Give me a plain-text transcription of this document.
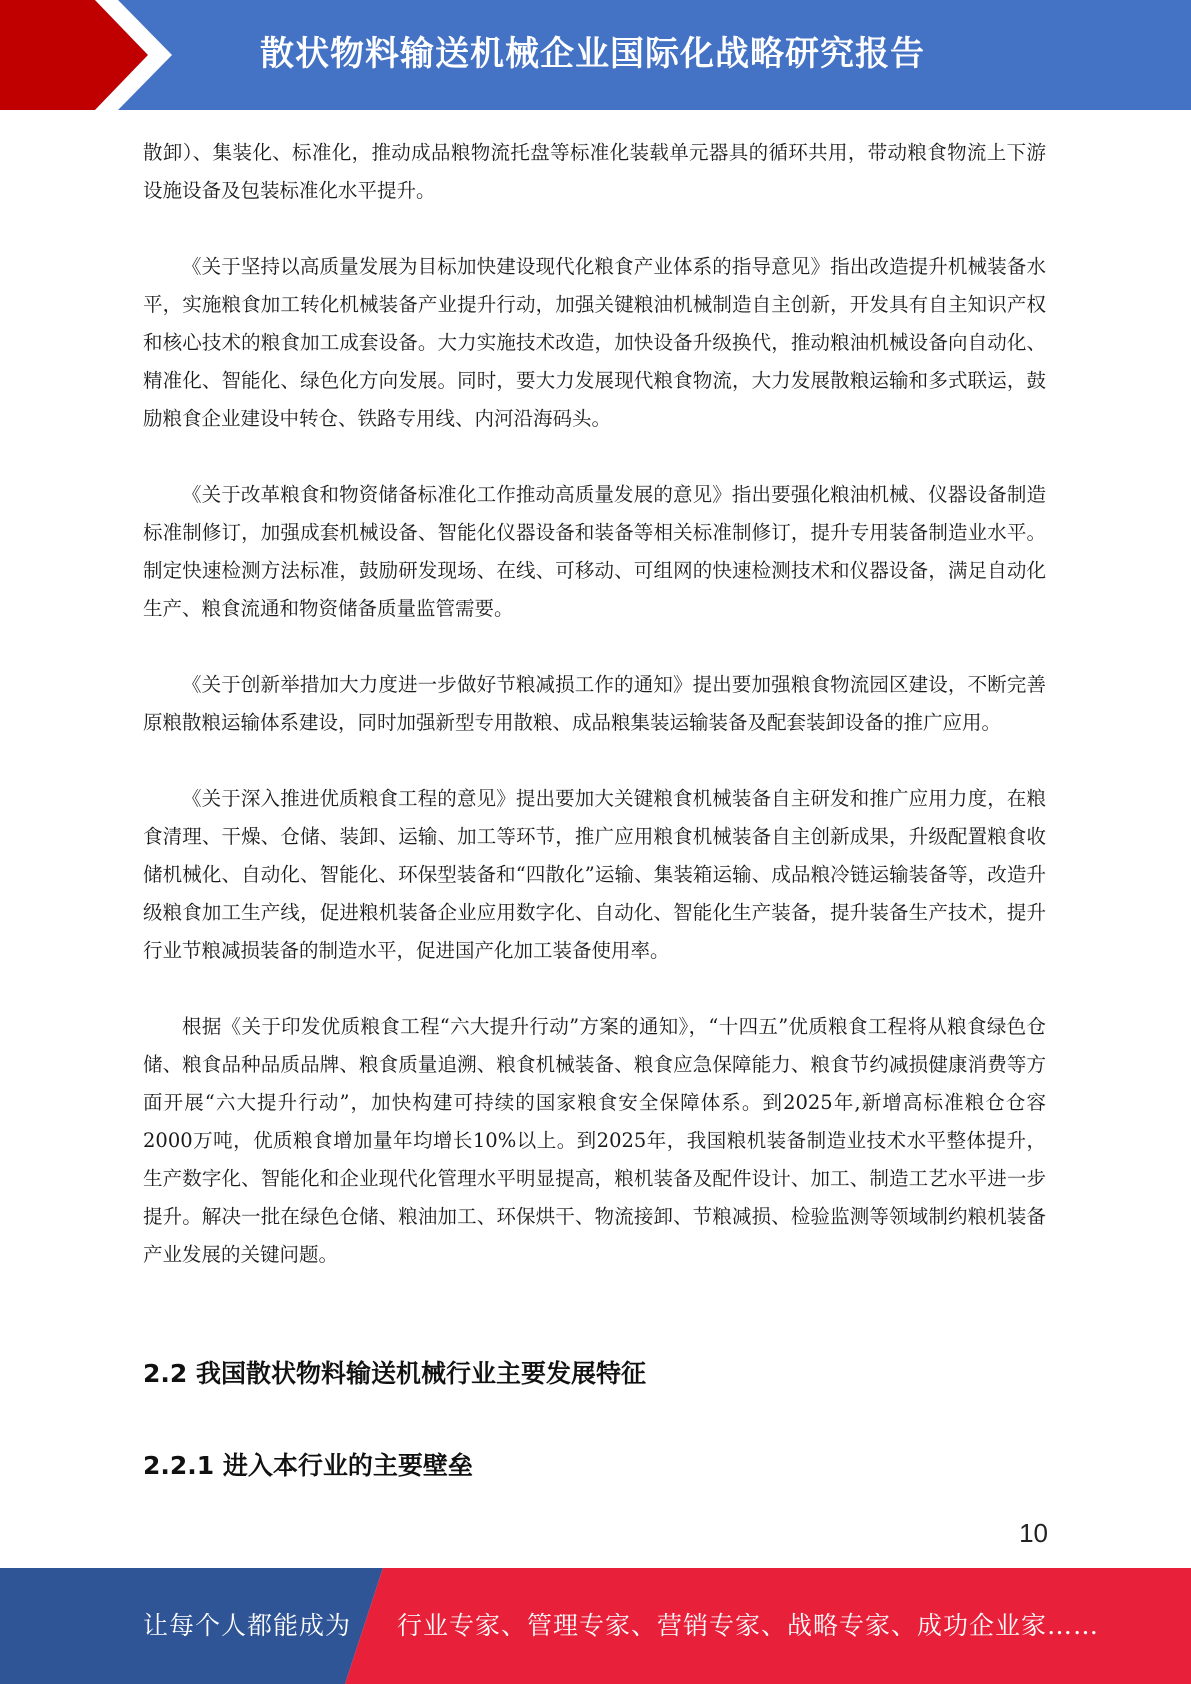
散状物料输送机械企业国际化战略研究报告

散卸）、集装化、标准化，推动成品粮物流托盘等标准化装载单元器具的循环共用，带动粮食物流上下游设施设备及包装标准化水平提升。

《关于坚持以高质量发展为目标加快建设现代化粮食产业体系的指导意见》指出改造提升机械装备水平，实施粮食加工转化机械装备产业提升行动，加强关键粮油机械制造自主创新，开发具有自主知识产权和核心技术的粮食加工成套设备。大力实施技术改造，加快设备升级换代，推动粮油机械设备向自动化、精准化、智能化、绿色化方向发展。同时，要大力发展现代粮食物流，大力发展散粮运输和多式联运，鼓励粮食企业建设中转仓、铁路专用线、内河沿海码头。

《关于改革粮食和物资储备标准化工作推动高质量发展的意见》指出要强化粮油机械、仪器设备制造标准制修订，加强成套机械设备、智能化仪器设备和装备等相关标准制修订，提升专用装备制造业水平。制定快速检测方法标准，鼓励研发现场、在线、可移动、可组网的快速检测技术和仪器设备，满足自动化生产、粮食流通和物资储备质量监管需要。

《关于创新举措加大力度进一步做好节粮减损工作的通知》提出要加强粮食物流园区建设，不断完善原粮散粮运输体系建设，同时加强新型专用散粮、成品粮集装运输装备及配套装卸设备的推广应用。

《关于深入推进优质粮食工程的意见》提出要加大关键粮食机械装备自主研发和推广应用力度，在粮食清理、干燥、仓储、装卸、运输、加工等环节，推广应用粮食机械装备自主创新成果，升级配置粮食收储机械化、自动化、智能化、环保型装备和“四散化”运输、集装箱运输、成品粮冷链运输装备等，改造升级粮食加工生产线，促进粮机装备企业应用数字化、自动化、智能化生产装备，提升装备生产技术，提升行业节粮减损装备的制造水平，促进国产化加工装备使用率。

根据《关于印发优质粮食工程“六大提升行动”方案的通知》，“十四五”优质粮食工程将从粮食绿色仓储、粮食品种品质品牌、粮食质量追溯、粮食机械装备、粮食应急保障能力、粮食节约减损健康消费等方面开展“六大提升行动”，加快构建可持续的国家粮食安全保障体系。到2025年,新增高标准粮仓仓容2000万吨，优质粮食增加量年均增长10%以上。到2025年，我国粮机装备制造业技术水平整体提升，生产数字化、智能化和企业现代化管理水平明显提高，粮机装备及配件设计、加工、制造工艺水平进一步提升。解决一批在绿色仓储、粮油加工、环保烘干、物流接卸、节粮减损、检验监测等领域制约粮机装备产业发展的关键问题。

2.2 我国散状物料输送机械行业主要发展特征
2.2.1 进入本行业的主要壁垒
10
让每个人都能成为 行业专家、管理专家、营销专家、战略专家、成功企业家……
